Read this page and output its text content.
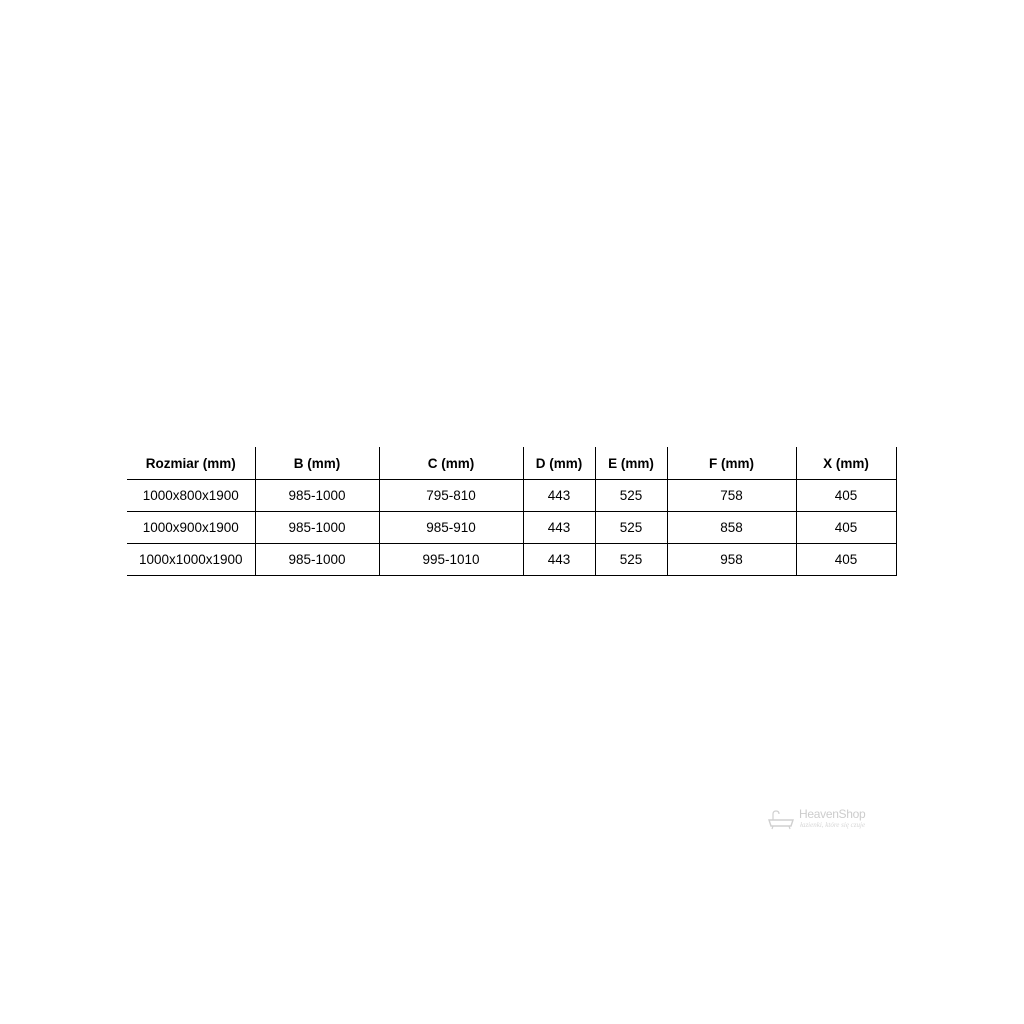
Rozmiar (mm)	B (mm)	C (mm)	D (mm)	E (mm)	F (mm)	X (mm)
1000x800x1900	985-1000	795-810	443	525	758	405
1000x900x1900	985-1000	985-910	443	525	858	405
1000x1000x1900	985-1000	995-1010	443	525	958	405
HeavenShop
łazienki, które się czuje
